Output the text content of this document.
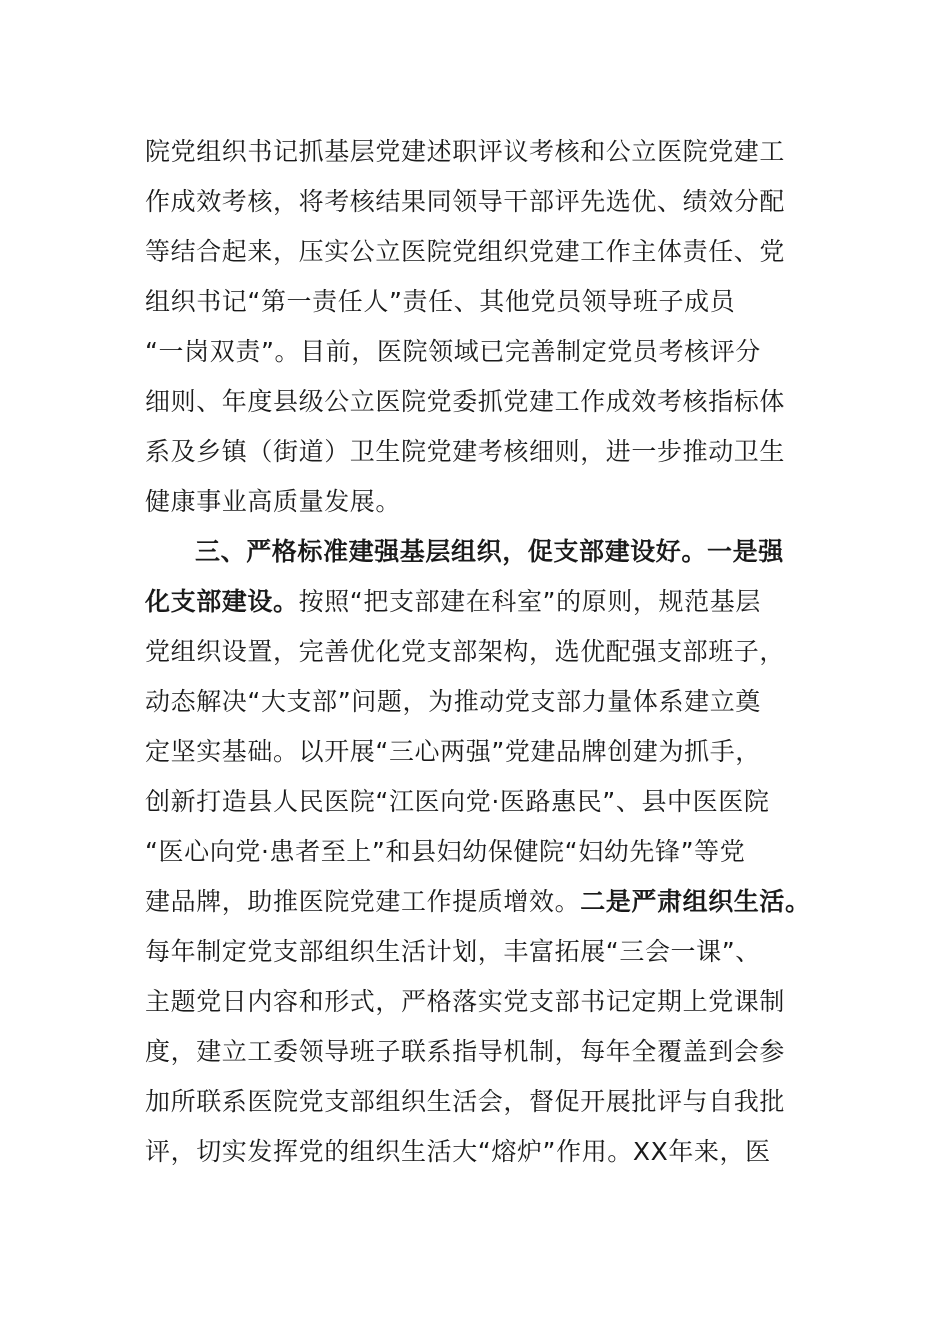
院党组织书记抓基层党建述职评议考核和公立医院党建工
作成效考核，将考核结果同领导干部评先选优、绩效分配
等结合起来，压实公立医院党组织党建工作主体责任、党
组织书记“第一责任人”责任、其他党员领导班子成员
“一岗双责”。目前，医院领域已完善制定党员考核评分
细则、年度县级公立医院党委抓党建工作成效考核指标体
系及乡镇（街道）卫生院党建考核细则，进一步推动卫生
健康事业高质量发展。
三、严格标准建强基层组织，促支部建设好。一是强
化支部建设。按照“把支部建在科室”的原则，规范基层
党组织设置，完善优化党支部架构，选优配强支部班子，
动态解决“大支部”问题，为推动党支部力量体系建立奠
定坚实基础。以开展“三心两强”党建品牌创建为抓手，
创新打造县人民医院“江医向党·医路惠民”、县中医医院
“医心向党·患者至上”和县妇幼保健院“妇幼先锋”等党
建品牌，助推医院党建工作提质增效。二是严肃组织生活。
每年制定党支部组织生活计划，丰富拓展“三会一课”、
主题党日内容和形式，严格落实党支部书记定期上党课制
度，建立工委领导班子联系指导机制，每年全覆盖到会参
加所联系医院党支部组织生活会，督促开展批评与自我批
评，切实发挥党的组织生活大“熔炉”作用。XX年来，医
